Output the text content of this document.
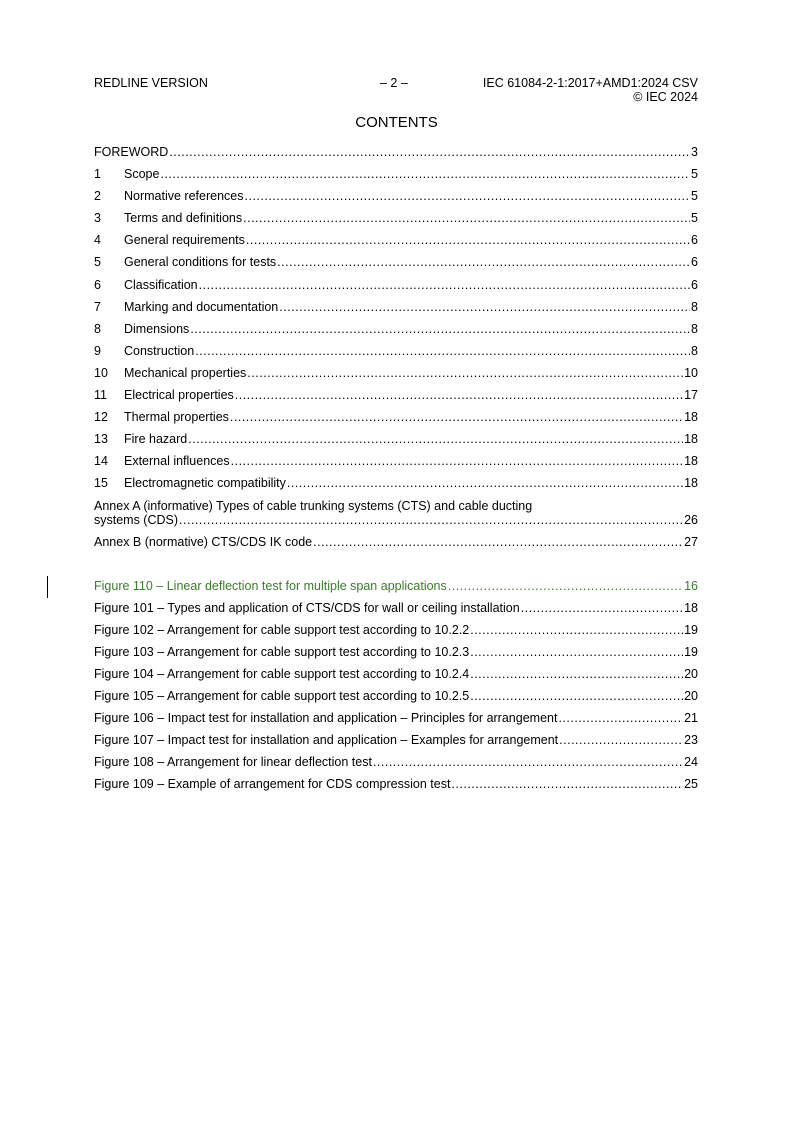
REDLINE VERSION	– 2 –	IEC 61084-2-1:2017+AMD1:2024 CSV
© IEC 2024
CONTENTS
FOREWORD .....	3
1	Scope .....	5
2	Normative references .....	5
3	Terms and definitions .....	5
4	General requirements .....	6
5	General conditions for tests .....	6
6	Classification .....	6
7	Marking and documentation .....	8
8	Dimensions .....	8
9	Construction .....	8
10	Mechanical properties .....	10
11	Electrical properties .....	17
12	Thermal properties .....	18
13	Fire hazard .....	18
14	External influences .....	18
15	Electromagnetic compatibility .....	18
Annex A (informative) Types of cable trunking systems (CTS) and cable ducting
systems (CDS) .....	26
Annex B (normative) CTS/CDS IK code .....	27
Figure 110 – Linear deflection test for multiple span applications .....	16
Figure 101 – Types and application of CTS/CDS for wall or ceiling installation .....	18
Figure 102 – Arrangement for cable support test according to 10.2.2 .....	19
Figure 103 – Arrangement for cable support test according to 10.2.3 .....	19
Figure 104 – Arrangement for cable support test according to 10.2.4 .....	20
Figure 105 – Arrangement for cable support test according to 10.2.5 .....	20
Figure 106 – Impact test for installation and application – Principles for arrangement .....	21
Figure 107 – Impact test for installation and application – Examples for arrangement .....	23
Figure 108 – Arrangement for linear deflection test .....	24
Figure 109 – Example of arrangement for CDS compression test .....	25
